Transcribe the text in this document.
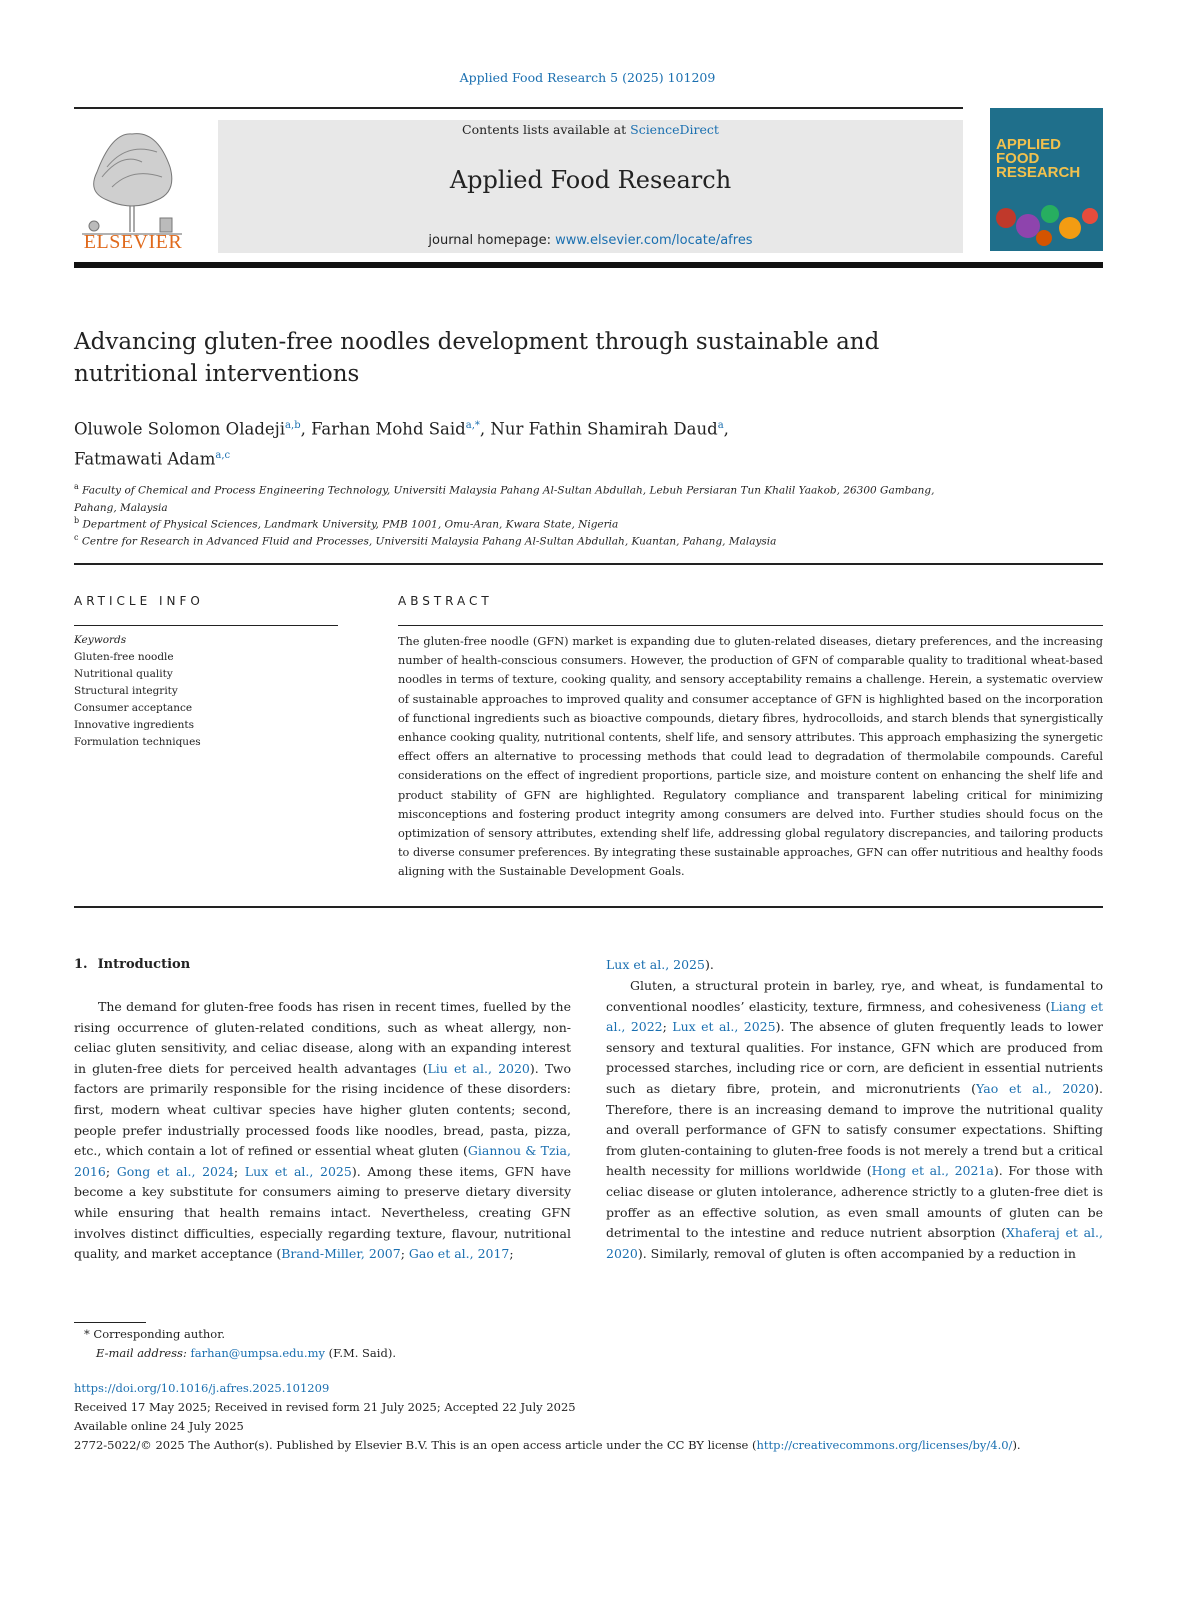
Applied Food Research 5 (2025) 101209
ELSEVIER
Contents lists available at ScienceDirect
Applied Food Research
journal homepage: www.elsevier.com/locate/afres
APPLIED
FOOD
RESEARCH
Advancing gluten-free noodles development through sustainable and nutritional interventions
Oluwole Solomon Oladeji$^{a,b}$, Farhan Mohd Said$^{a,*}$, Nur Fathin Shamirah Daud$^a$,
Fatmawati Adam$^{a,c}$
$^a$ Faculty of Chemical and Process Engineering Technology, Universiti Malaysia Pahang Al-Sultan Abdullah, Lebuh Persiaran Tun Khalil Yaakob, 26300 Gambang, Pahang, Malaysia
$^b$ Department of Physical Sciences, Landmark University, PMB 1001, Omu-Aran, Kwara State, Nigeria
$^c$ Centre for Research in Advanced Fluid and Processes, Universiti Malaysia Pahang Al-Sultan Abdullah, Kuantan, Pahang, Malaysia
ARTICLE INFO	ABSTRACT
Keywords
Gluten-free noodle
Nutritional quality
Structural integrity
Consumer acceptance
Innovative ingredients
Formulation techniques
The gluten-free noodle (GFN) market is expanding due to gluten-related diseases, dietary preferences, and the increasing number of health-conscious consumers. However, the production of GFN of comparable quality to traditional wheat-based noodles in terms of texture, cooking quality, and sensory acceptability remains a challenge. Herein, a systematic overview of sustainable approaches to improved quality and consumer acceptance of GFN is highlighted based on the incorporation of functional ingredients such as bioactive compounds, dietary fibres, hydrocolloids, and starch blends that synergistically enhance cooking quality, nutritional contents, shelf life, and sensory attributes. This approach emphasizing the synergetic effect offers an alternative to processing methods that could lead to degradation of thermolabile compounds. Careful considerations on the effect of ingredient proportions, particle size, and moisture content on enhancing the shelf life and product stability of GFN are highlighted. Regulatory compliance and transparent labeling critical for minimizing misconceptions and fostering product integrity among consumers are delved into. Further studies should focus on the optimization of sensory attributes, extending shelf life, addressing global regulatory discrepancies, and tailoring products to diverse consumer preferences. By integrating these sustainable approaches, GFN can offer nutritious and healthy foods aligning with the Sustainable Development Goals.
1. Introduction

The demand for gluten-free foods has risen in recent times, fuelled by the rising occurrence of gluten-related conditions, such as wheat allergy, non-celiac gluten sensitivity, and celiac disease, along with an expanding interest in gluten-free diets for perceived health advantages (Liu et al., 2020). Two factors are primarily responsible for the rising incidence of these disorders: first, modern wheat cultivar species have higher gluten contents; second, people prefer industrially processed foods like noodles, bread, pasta, pizza, etc., which contain a lot of refined or essential wheat gluten (Giannou & Tzia, 2016; Gong et al., 2024; Lux et al., 2025). Among these items, GFN have become a key substitute for consumers aiming to preserve dietary diversity while ensuring that health remains intact. Nevertheless, creating GFN involves distinct difficulties, especially regarding texture, flavour, nutritional quality, and market acceptance (Brand-Miller, 2007; Gao et al., 2017;

Lux et al., 2025).

Gluten, a structural protein in barley, rye, and wheat, is fundamental to conventional noodles’ elasticity, texture, firmness, and cohesiveness (Liang et al., 2022; Lux et al., 2025). The absence of gluten frequently leads to lower sensory and textural qualities. For instance, GFN which are produced from processed starches, including rice or corn, are deficient in essential nutrients such as dietary fibre, protein, and micronutrients (Yao et al., 2020). Therefore, there is an increasing demand to improve the nutritional quality and overall performance of GFN to satisfy consumer expectations. Shifting from gluten-containing to gluten-free foods is not merely a trend but a critical health necessity for millions worldwide (Hong et al., 2021a). For those with celiac disease or gluten intolerance, adherence strictly to a gluten-free diet is proffer as an effective solution, as even small amounts of gluten can be detrimental to the intestine and reduce nutrient absorption (Xhaferaj et al., 2020). Similarly, removal of gluten is often accompanied by a reduction in

* Corresponding author.
E-mail address: farhan@umpsa.edu.my (F.M. Said).
https://doi.org/10.1016/j.afres.2025.101209
Received 17 May 2025; Received in revised form 21 July 2025; Accepted 22 July 2025
Available online 24 July 2025
2772-5022/© 2025 The Author(s). Published by Elsevier B.V. This is an open access article under the CC BY license (http://creativecommons.org/licenses/by/4.0/).
